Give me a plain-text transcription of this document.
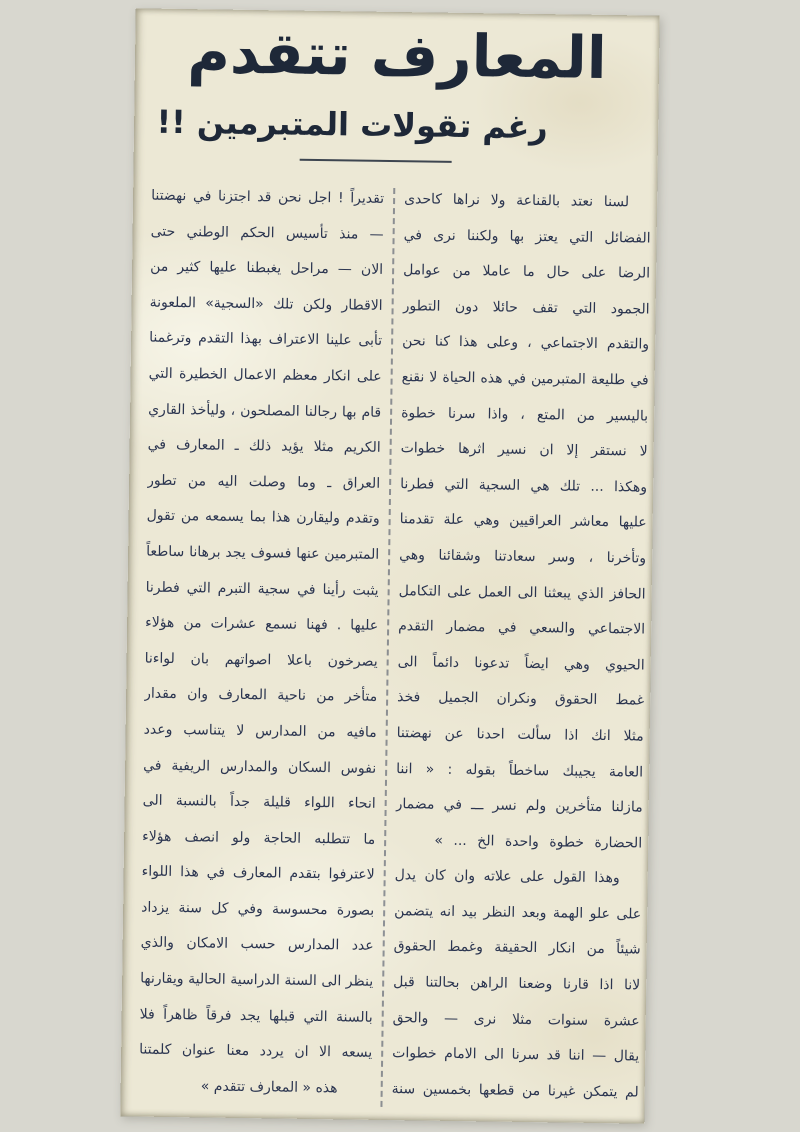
المعارف تتقدم
رغم تقولات المتبرمين !!
لسنا نعتد بالقناعة ولا نراها كاحدى
الفضائل التي يعتز بها ولكننا نرى في
الرضا على حال ما عاملا من عوامل
الجمود التي تقف حائلا دون التطور
والتقدم الاجتماعي ، وعلى هذا كنا نحن
في طليعة المتبرمين في هذه الحياة لا نقنع
باليسير من المتع ، واذا سرنا خطوة
لا نستقر إلا ان نسير اثرها خطوات
وهكذا ... تلك هي السجية التي فطرنا
عليها معاشر العراقيين وهي علة تقدمنا
وتأخرنا ، وسر سعادتنا وشقائنا وهي
الحافز الذي يبعثنا الى العمل على التكامل
الاجتماعي والسعي في مضمار التقدم
الحيوي وهي ايضاً تدعونا دائماً الى
غمط الحقوق ونكران الجميل فخذ
مثلا انك اذا سألت احدنا عن نهضتنا
العامة يجيبك ساخطاً بقوله : « اننا
مازلنا متأخرين ولم نسر ـــ في مضمار
الحضارة خطوة واحدة الخ ... »
وهذا القول على علاته وان كان يدل
على علو الهمة وبعد النظر بيد انه يتضمن
شيئاً من انكار الحقيقة وغمط الحقوق
لانا اذا قارنا وضعنا الراهن بحالتنا قبل
عشرة سنوات مثلا نرى — والحق
يقال — اننا قد سرنا الى الامام خطوات
لم يتمكن غيرنا من قطعها بخمسين سنة
تقديراً ! اجل نحن قد اجتزنا في نهضتنا
— منذ تأسيس الحكم الوطني حتى
الان — مراحل يغبطنا عليها كثير من
الاقطار ولكن تلك «السجية» الملعونة
تأبى علينا الاعتراف بهذا التقدم وترغمنا
على انكار معظم الاعمال الخطيرة التي
قام بها رجالنا المصلحون ، وليأخذ القاري
الكريم مثلا يؤيد ذلك ـ المعارف في
العراق ـ وما وصلت اليه من تطور
وتقدم وليقارن هذا بما يسمعه من تقول
المتبرمين عنها فسوف يجد برهانا ساطعاً
يثبت رأينا في سجية التبرم التي فطرنا
عليها . فهنا نسمع عشرات من هؤلاء
يصرخون باعلا اصواتهم بان لواءنا
متأخر من ناحية المعارف وان مقدار
مافيه من المدارس لا يتناسب وعدد
نفوس السكان والمدارس الريفية في
انحاء اللواء قليلة جداً بالنسبة الى
ما تتطلبه الحاجة ولو انصف هؤلاء
لاعترفوا بتقدم المعارف في هذا اللواء
بصورة محسوسة وفي كل سنة يزداد
عدد المدارس حسب الامكان والذي
ينظر الى السنة الدراسية الحالية ويقارنها
بالسنة التي قبلها يجد فرقاً ظاهراً فلا
يسعه الا ان يردد معنا عنوان كلمتنا
هذه « المعارف تتقدم »
